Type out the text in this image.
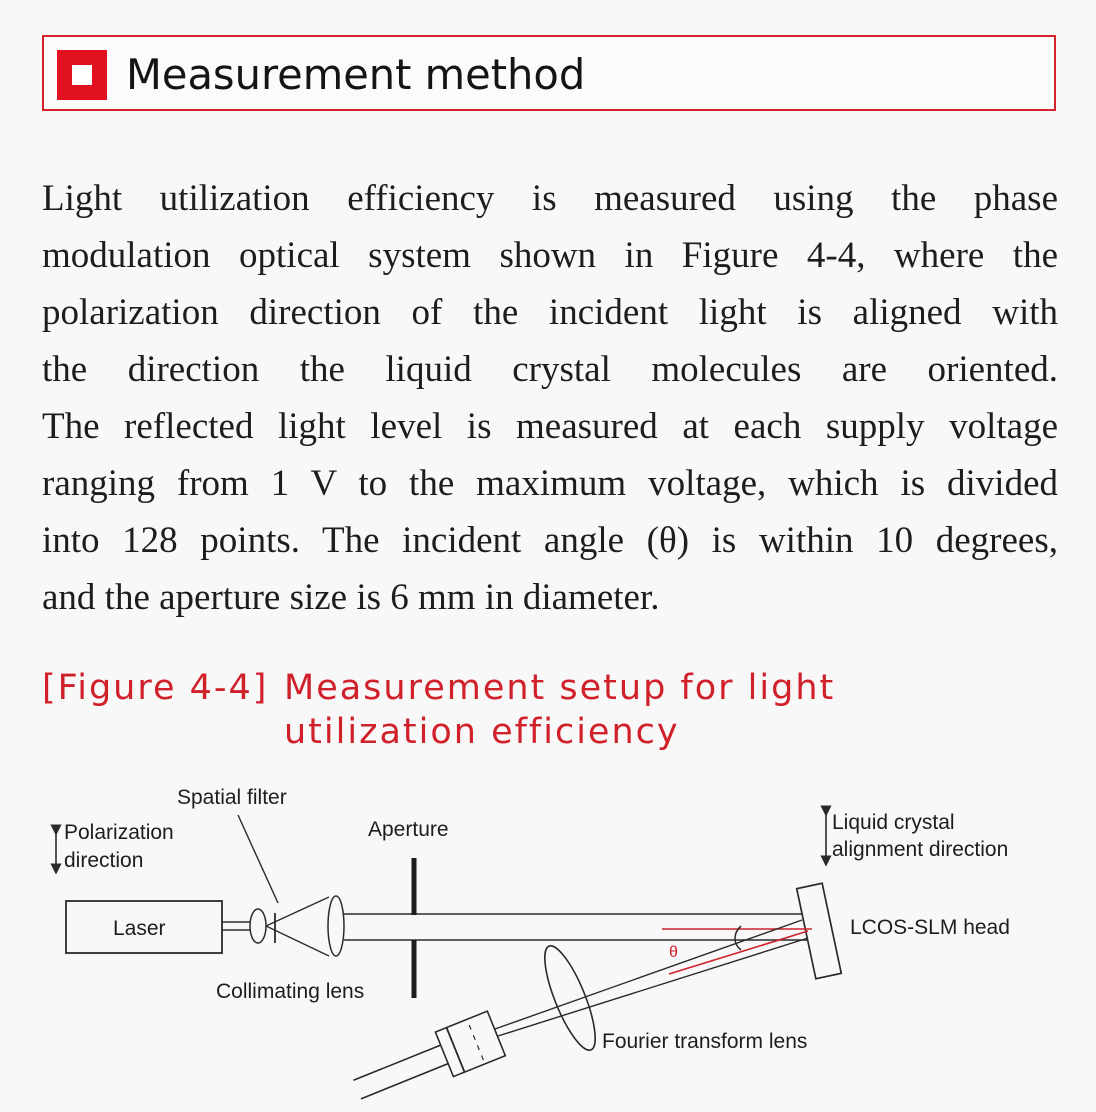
Measurement method
Light utilization efficiency is measured using the phase
modulation optical system shown in Figure 4-4, where the
polarization direction of the incident light is aligned with
the direction the liquid crystal molecules are oriented.
The reflected light level is measured at each supply voltage
ranging from 1 V to the maximum voltage, which is divided
into 128 points. The incident angle (θ) is within 10 degrees,
and the aperture size is 6 mm in diameter.
[Figure 4-4] Measurement setup for light utilization efficiency
Polarization
direction
Spatial filter
Laser
Aperture
Collimating lens
LCOS-SLM head
Liquid crystal
alignment direction
θ
Fourier transform lens
